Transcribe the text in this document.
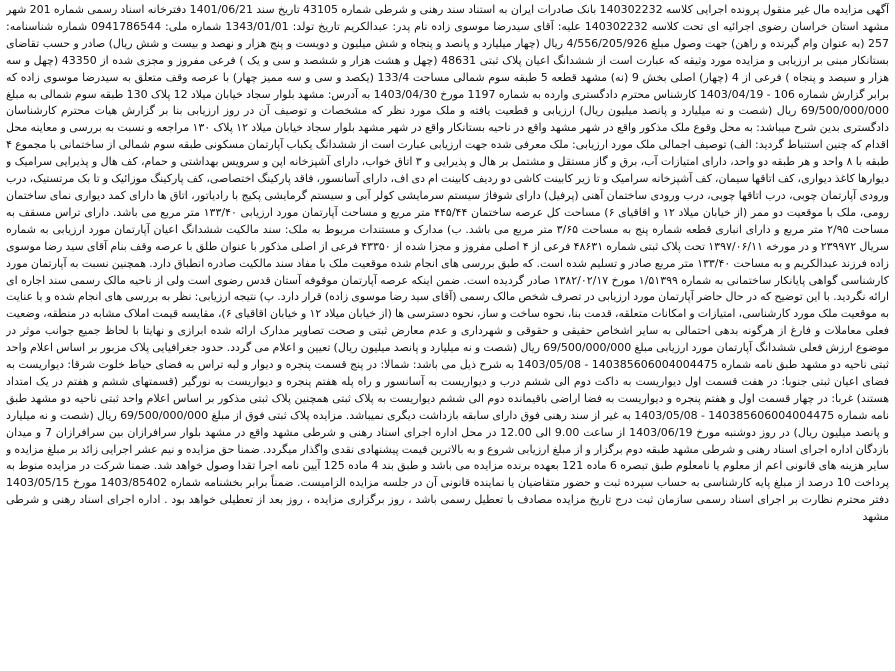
آگهی مزایده مال غیر منقول پرونده اجرایی کلاسه 140302232 بانک صادرات ایران به استناد سند رهنی و شرطی شماره 43105 تاریخ سند 1401/06/21 دفترخانه اسناد رسمی شماره 201 شهر مشهد استان خراسان رضوی اجرائیه ای تحت کلاسه 140302232 علیه: آقای سیدرضا موسوی زاده نام پدر: عبدالکریم تاریخ تولد: 1343/01/01 شماره ملی: 0941786544 شماره شناسنامه: 257 (به عنوان وام گیرنده و راهن) جهت وصول مبلغ 4/556/205/926 ریال (چهار میلیارد و پانصد و پنجاه و شش میلیون و دویست و پنج هزار و نهصد و بیست و شش ریال) صادر و حسب تقاضای بستانکار مبنی بر ارزیابی و مزایده مورد وثیقه که عبارت است از ششدانگ اعیان پلاک ثبتی 48631 (چهل و هشت هزار و ششصد و سی و یک ) فرعی مفروز و مجزی شده از 43350 (چهل و سه هزار و سیصد و پنجاه ) فرعی از 4 (چهار) اصلی بخش 9 (نه) مشهد قطعه 5 طبقه سوم شمالی مساحت 133/4 (یکصد و سی و سه ممیز چهار) با عرصه وقف متعلق به سیدرضا موسوی زاده که برابر گزارش شماره 106 - 1403/04/19 کارشناس محترم دادگستری وارده به شماره 1197 مورخ 1403/04/30 به آدرس: مشهد بلوار سجاد خیابان میلاد 12 پلاک 130 طبقه سوم شمالی به مبلغ 69/500/000/000 ریال (شصت و نه میلیارد و پانصد میلیون ریال) ارزیابی و قطعیت یافته و ملک مورد نظر که مشخصات و توصیف آن در روز ارزیابی بنا بر گزارش هیات محترم کارشناسان دادگستری بدین شرح میباشد: به محل وقوع ملک مذکور واقع در شهر مشهد واقع در ناحیه بستانکار واقع در شهر مشهد بلوار سجاد خیابان میلاد ۱۲ پلاک ۱۳۰ مراجعه و نسبت به بررسی و معاینه محل اقدام که چنین استنباط گردید: الف) توصیف اجمالی ملک مورد ارزیابی: ملک معرفی شده جهت ارزیابی عبارت است از ششدانگ یکباب آپارتمان مسکونی طبقه سوم شمالی از ساختمانی با مجموع ۴ طبقه با ۸ واحد و هر طبقه دو واحد، دارای امتیازات آب، برق و گاز مستقل و مشتمل بر هال و پذیرایی و ۳ اتاق خواب، دارای آشپزخانه اپن و سرویس بهداشتی و حمام، کف هال و پذیرایی سرامیک و دیوارها کاغذ دیواری، کف اتاقها سیمان، کف آشپزخانه سرامیک و تا زیر کابینت کاشی دو ردیف کابینت ام دی اف، دارای آسانسور، فاقد پارکینگ اختصاصی، کف پارکینگ موزائیک و تا بک مرتستیک، درب ورودی آپارتمان چوبی، درب اتاقها چوبی، درب ورودی ساختمان آهنی (پرفیل) دارای شوفاژ سیستم سرمایشی کولر آبی و سیستم گرمایشی پکیج با رادیاتور، اتاق ها دارای کمد دیواری نمای ساختمان رومی، ملک با موقعیت دو ممر (از خیابان میلاد ۱۲ و اقاقیای ۶) مساحت کل عرصه ساختمان ۴۴۵/۴۴ متر مربع و مساحت آپارتمان مورد ارزیابی ۱۳۳/۴۰ متر مربع می باشد. دارای تراس مسقف به مساحت ۲/۹۵ متر مربع و دارای انباری قطعه شماره پنج به مساحت ۳/۶۵ متر مربع می باشد. ب) مدارک و مستندات مربوط به ملک: سند مالکیت ششدانگ اعیان آپارتمان مورد ارزیابی به شماره سریال ۲۳۹۹۷۲ و در مورخه ۱۳۹۷/۰۶/۱۱ تحت پلاک ثبتی شماره ۴۸۶۳۱ فرعی از ۴ اصلی مفروز و مجزا شده از ۴۳۳۵۰ فرعی از اصلی مذکور با عنوان طلق با عرصه وقف بنام آقای سید رضا موسوی زاده فرزند عبدالکریم و به مساحت ۱۳۳/۴۰ متر مربع صادر و تسلیم شده است. که طبق بررسی های انجام شده موقعیت ملک با مفاد سند مالکیت صادره انطباق دارد. همچنین نسبت به آپارتمان مورد کارشناسی گواهی پایانکار ساختمانی به شماره ۱/۵۱۳۹۹ مورخ ۱۳۸۲/۰۲/۱۷ صادر گردیده است. ضمن اینکه عرصه آپارتمان موقوفه آستان قدس رضوی است ولی از ناحیه مالک رسمی سند اجاره ای ارائه نگردید. با این توضیح که در حال حاضر آپارتمان مورد ارزیابی در تصرف شخص مالک رسمی (آقای سید رضا موسوی زاده) قرار دارد. پ) نتیجه ارزیابی: نظر به بررسی های انجام شده و با عنایت به موقعیت ملک مورد کارشناسی، امتیازات و امکانات متعلقه، قدمت بنا، نحوه ساخت و ساز، نحوه دسترسی ها (از خیابان میلاد ۱۲ و خیابان اقاقیای ۶)، مقایسه قیمت املاک مشابه در منطقه، وضعیت فعلی معاملات و فارغ از هرگونه بدهی احتمالی به سایر اشخاص حقیقی و حقوقی و شهرداری و عدم معارض ثبتی و صحت تصاویر مدارک ارائه شده ابرازی و نهایتا با لحاظ جمیع جوانب موثر در موضوع ارزش فعلی ششدانگ آپارتمان مورد ارزیابی مبلغ 69/500/000/000 ریال (شصت و نه میلیارد و پانصد میلیون ریال) تعیین و اعلام می گردد. حدود جغرافیایی پلاک مزبور بر اساس اعلام واحد ثبتی ناحیه دو مشهد طبق نامه شماره 140385606004004475 - 1403/05/08 به شرح ذیل می باشد: شمالا: در پنج قسمت پنجره و دیوار و لبه تراس به فضای حیاط خلوت شرقا: دیواریست به فضای اعیان ثبتی جنوبا: در هفت قسمت اول دیواریست به داکت دوم الی ششم درب و دیواریست به آسانسور و راه پله هفتم پنجره و دیواریست به نورگیر (قسمتهای ششم و هفتم در یک امتداد هستند) غربا: در چهار قسمت اول و هفتم پنجره و دیواریست به فضا اراضی باقیمانده دوم الی ششم دیواریست به پلاک ثبتی همچنین پلاک ثبتی مذکور بر اساس اعلام واحد ثبتی ناحیه دو مشهد طبق نامه شماره 140385606004004475 - 1403/05/08 به غیر از سند رهنی فوق دارای سابقه بازداشت دیگری نمیباشد. مزایده پلاک ثبتی فوق از مبلغ 69/500/000/000 ریال (شصت و نه میلیارد و پانصد میلیون ریال) در روز دوشنبه مورخ 1403/06/19 از ساعت 9.00 الی 12.00 در محل اداره اجرای اسناد رهنی و شرطی مشهد واقع در مشهد بلوار سرافرازان بین سرافرازان 7 و میدان بازدگان اداره اجرای اسناد رهنی و شرطی مشهد طبقه دوم برگزار و از مبلغ ارزیابی شروع و به بالاترین قیمت پیشنهادی نقدی واگذار میگردد. ضمنا حق مزایده و نیم عشر اجرایی زائد بر مبلغ مزایده و سایر هزینه های قانونی اعم از معلوم یا نامعلوم طبق تبصره 6 ماده 121 بعهده برنده مزایده می باشد و طبق بند 4 ماده 125 آیین نامه اجرا تقدا وصول خواهد شد. ضمنا شرکت در مزایده منوط به پرداخت 10 درصد از مبلغ پایه کارشناسی به حساب سپرده ثبت و حضور متقاضیان یا نماینده قانونی آن در جلسه مزایده الزامیست. ضمناً برابر بخشنامه شماره 1403/85402 مورخ 1403/05/15 دفتر محترم نظارت بر اجرای اسناد رسمی سازمان ثبت درج تاریخ مزایده مصادف با تعطیل رسمی باشد ، روز برگزاری مزایده ، روز بعد از تعطیلی خواهد بود . اداره اجرای اسناد رهنی و شرطی مشهد
